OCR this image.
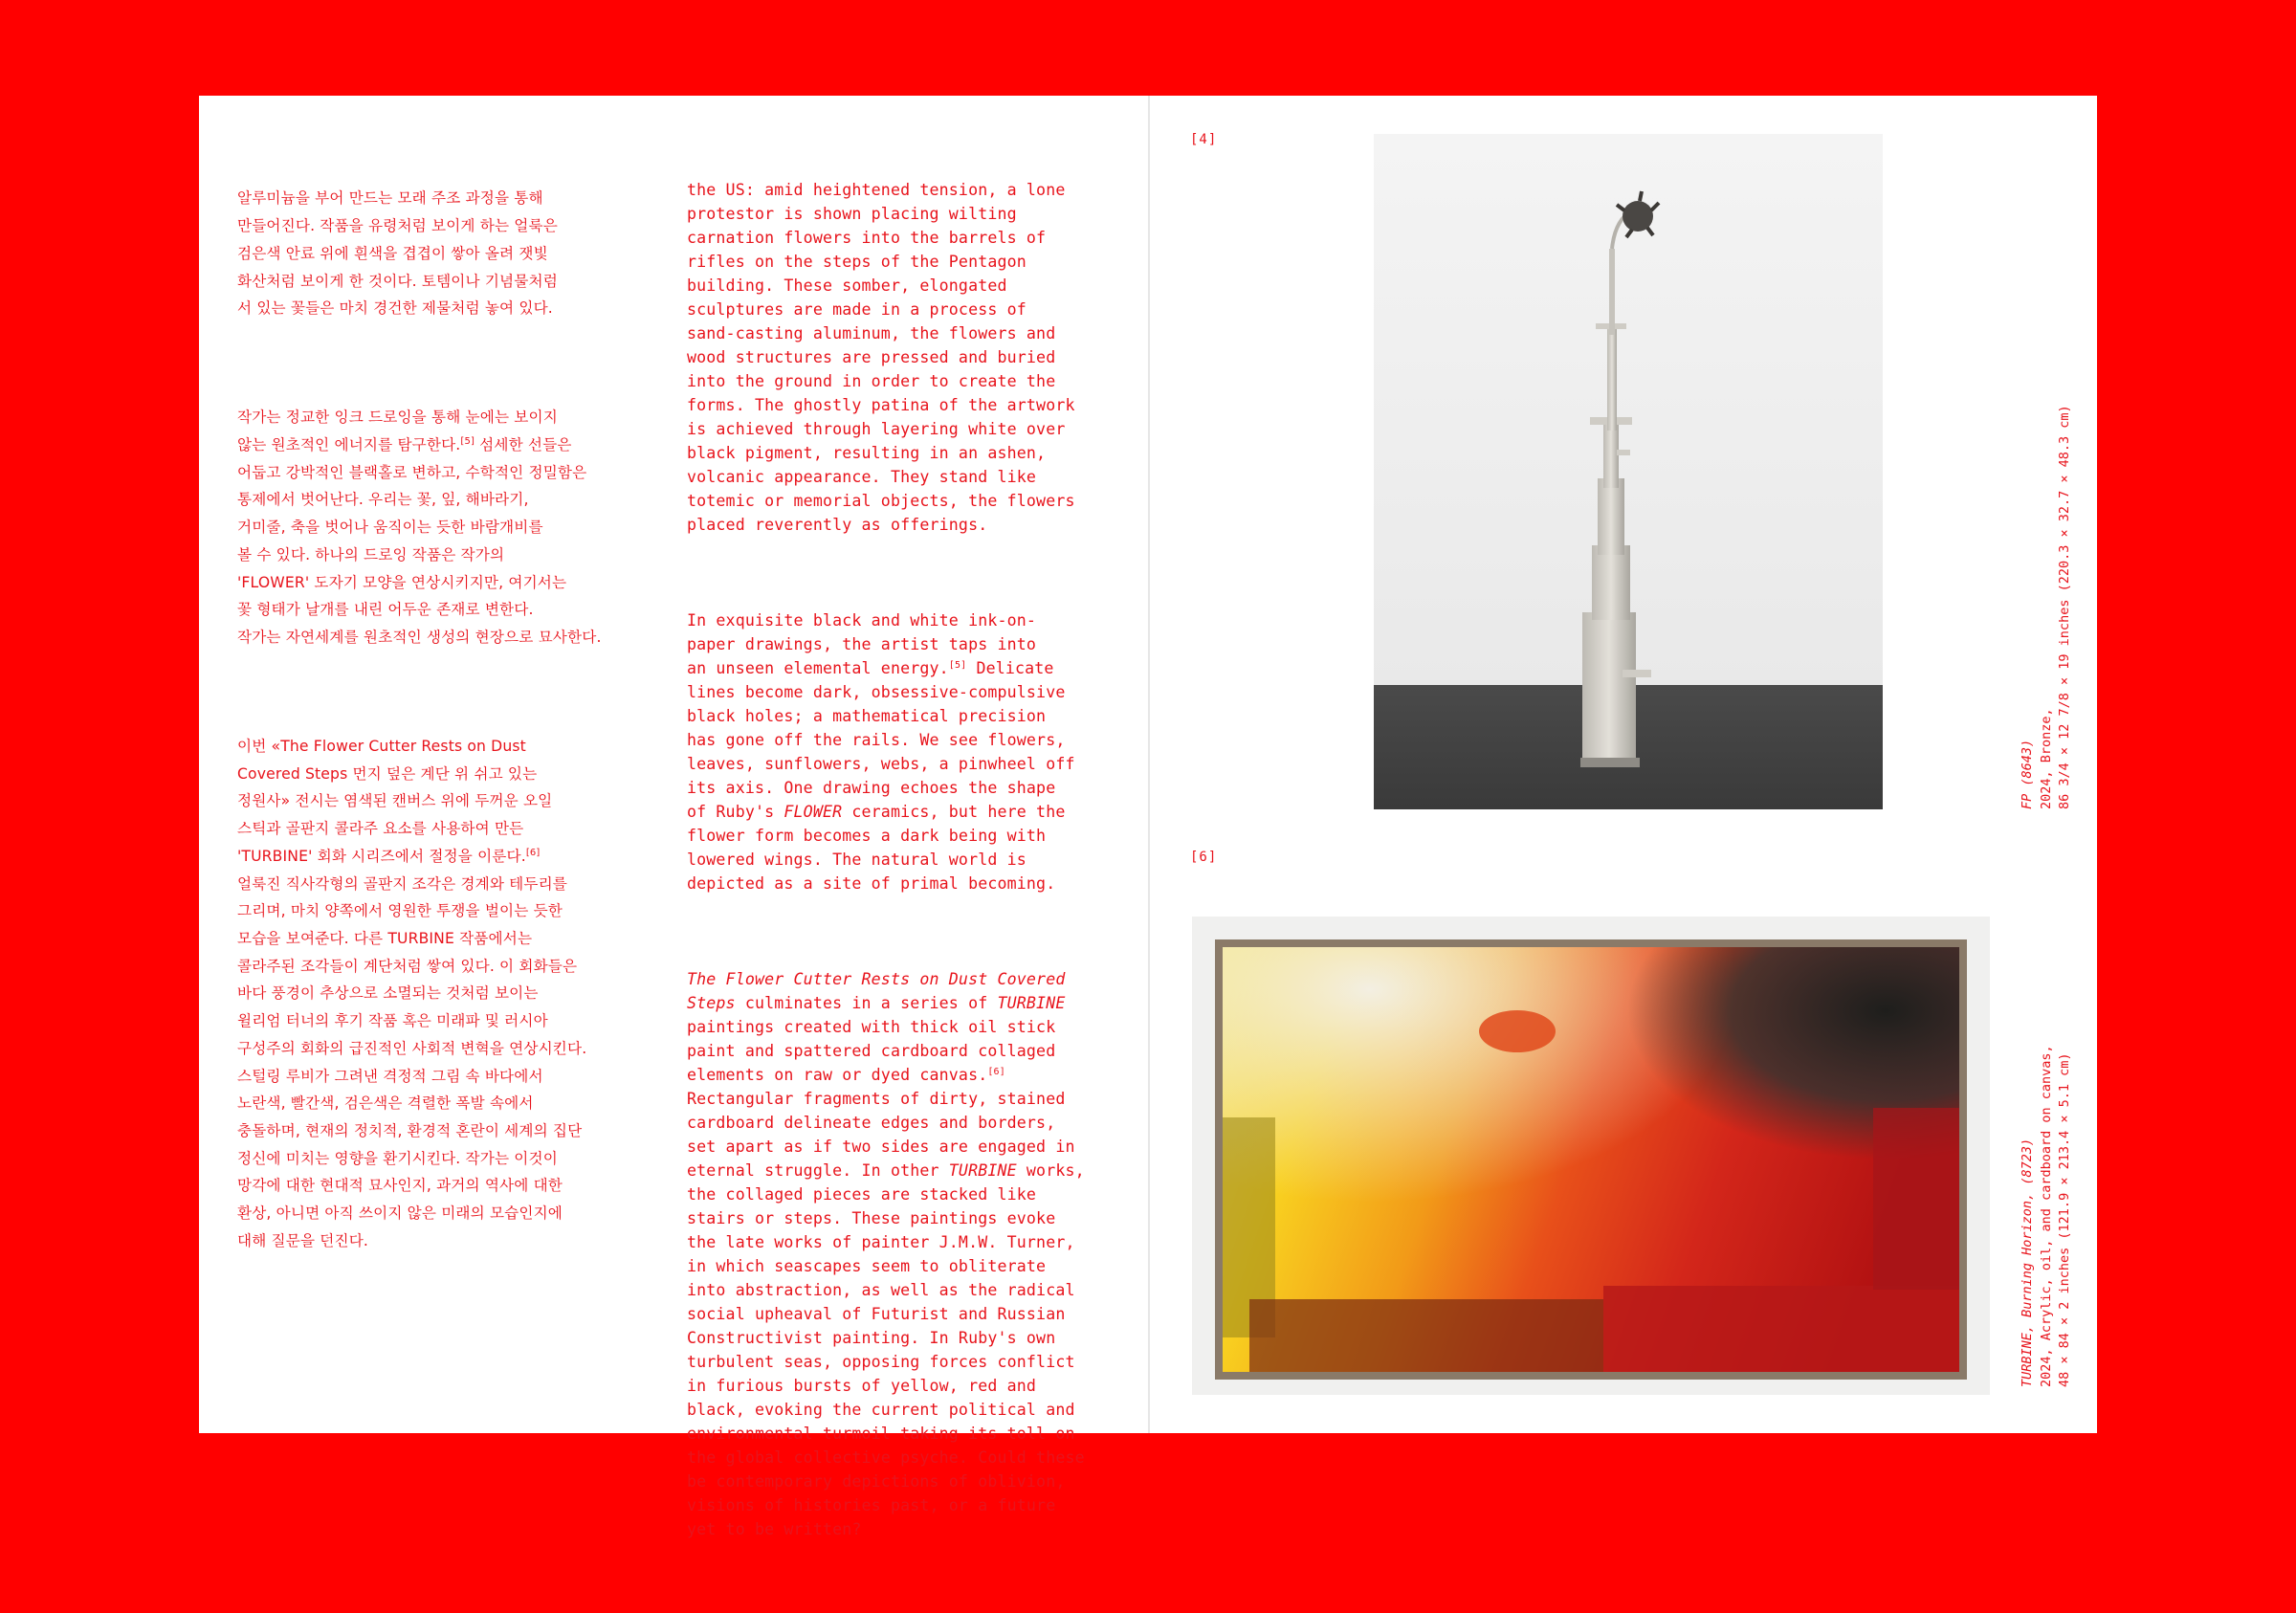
알루미늄을 부어 만드는 모래 주조 과정을 통해
만들어진다. 작품을 유령처럼 보이게 하는 얼룩은
검은색 안료 위에 흰색을 겹겹이 쌓아 올려 잿빛
화산처럼 보이게 한 것이다. 토템이나 기념물처럼
서 있는 꽃들은 마치 경건한 제물처럼 놓여 있다.

작가는 정교한 잉크 드로잉을 통해 눈에는 보이지
않는 원초적인 에너지를 탐구한다.[5] 섬세한 선들은
어둡고 강박적인 블랙홀로 변하고, 수학적인 정밀함은
통제에서 벗어난다. 우리는 꽃, 잎, 해바라기,
거미줄, 축을 벗어나 움직이는 듯한 바람개비를
볼 수 있다. 하나의 드로잉 작품은 작가의
'FLOWER' 도자기 모양을 연상시키지만, 여기서는
꽃 형태가 날개를 내린 어두운 존재로 변한다.
작가는 자연세계를 원초적인 생성의 현장으로 묘사한다.

이번 «The Flower Cutter Rests on Dust
Covered Steps 먼지 덮은 계단 위 쉬고 있는
정원사» 전시는 염색된 캔버스 위에 두꺼운 오일
스틱과 골판지 콜라주 요소를 사용하여 만든
'TURBINE' 회화 시리즈에서 절정을 이룬다.[6]
얼룩진 직사각형의 골판지 조각은 경계와 테두리를
그리며, 마치 양쪽에서 영원한 투쟁을 벌이는 듯한
모습을 보여준다. 다른 TURBINE 작품에서는
콜라주된 조각들이 계단처럼 쌓여 있다. 이 회화들은
바다 풍경이 추상으로 소멸되는 것처럼 보이는
윌리엄 터너의 후기 작품 혹은 미래파 및 러시아
구성주의 회화의 급진적인 사회적 변혁을 연상시킨다.
스털링 루비가 그려낸 격정적 그림 속 바다에서
노란색, 빨간색, 검은색은 격렬한 폭발 속에서
충돌하며, 현재의 정치적, 환경적 혼란이 세계의 집단
정신에 미치는 영향을 환기시킨다. 작가는 이것이
망각에 대한 현대적 묘사인지, 과거의 역사에 대한
환상, 아니면 아직 쓰이지 않은 미래의 모습인지에
대해 질문을 던진다.

the US: amid heightened tension, a lone
protestor is shown placing wilting
carnation flowers into the barrels of
rifles on the steps of the Pentagon
building. These somber, elongated
sculptures are made in a process of
sand-casting aluminum, the flowers and
wood structures are pressed and buried
into the ground in order to create the
forms. The ghostly patina of the artwork
is achieved through layering white over
black pigment, resulting in an ashen,
volcanic appearance. They stand like
totemic or memorial objects, the flowers
placed reverently as offerings.

In exquisite black and white ink-on-
paper drawings, the artist taps into
an unseen elemental energy.[5] Delicate
lines become dark, obsessive-compulsive
black holes; a mathematical precision
has gone off the rails. We see flowers,
leaves, sunflowers, webs, a pinwheel off
its axis. One drawing echoes the shape
of Ruby's FLOWER ceramics, but here the
flower form becomes a dark being with
lowered wings. The natural world is
depicted as a site of primal becoming.

The Flower Cutter Rests on Dust Covered
Steps culminates in a series of TURBINE
paintings created with thick oil stick
paint and spattered cardboard collaged
elements on raw or dyed canvas.[6]
Rectangular fragments of dirty, stained
cardboard delineate edges and borders,
set apart as if two sides are engaged in
eternal struggle. In other TURBINE works,
the collaged pieces are stacked like
stairs or steps. These paintings evoke
the late works of painter J.M.W. Turner,
in which seascapes seem to obliterate
into abstraction, as well as the radical
social upheaval of Futurist and Russian
Constructivist painting. In Ruby's own
turbulent seas, opposing forces conflict
in furious bursts of yellow, red and
black, evoking the current political and
environmental turmoil taking its toll on
the global collective psyche. Could these
be contemporary depictions of oblivion,
visions of histories past, or a future
yet to be written?

[4]
FP (8643) 2024, Bronze, 86 3/4 × 12 7/8 × 19 inches (220.3 × 32.7 × 48.3 cm)
[6]
TURBINE, Burning Horizon, (8723) 2024, Acrylic, oil, and cardboard on canvas, 48 × 84 × 2 inches (121.9 × 213.4 × 5.1 cm)
